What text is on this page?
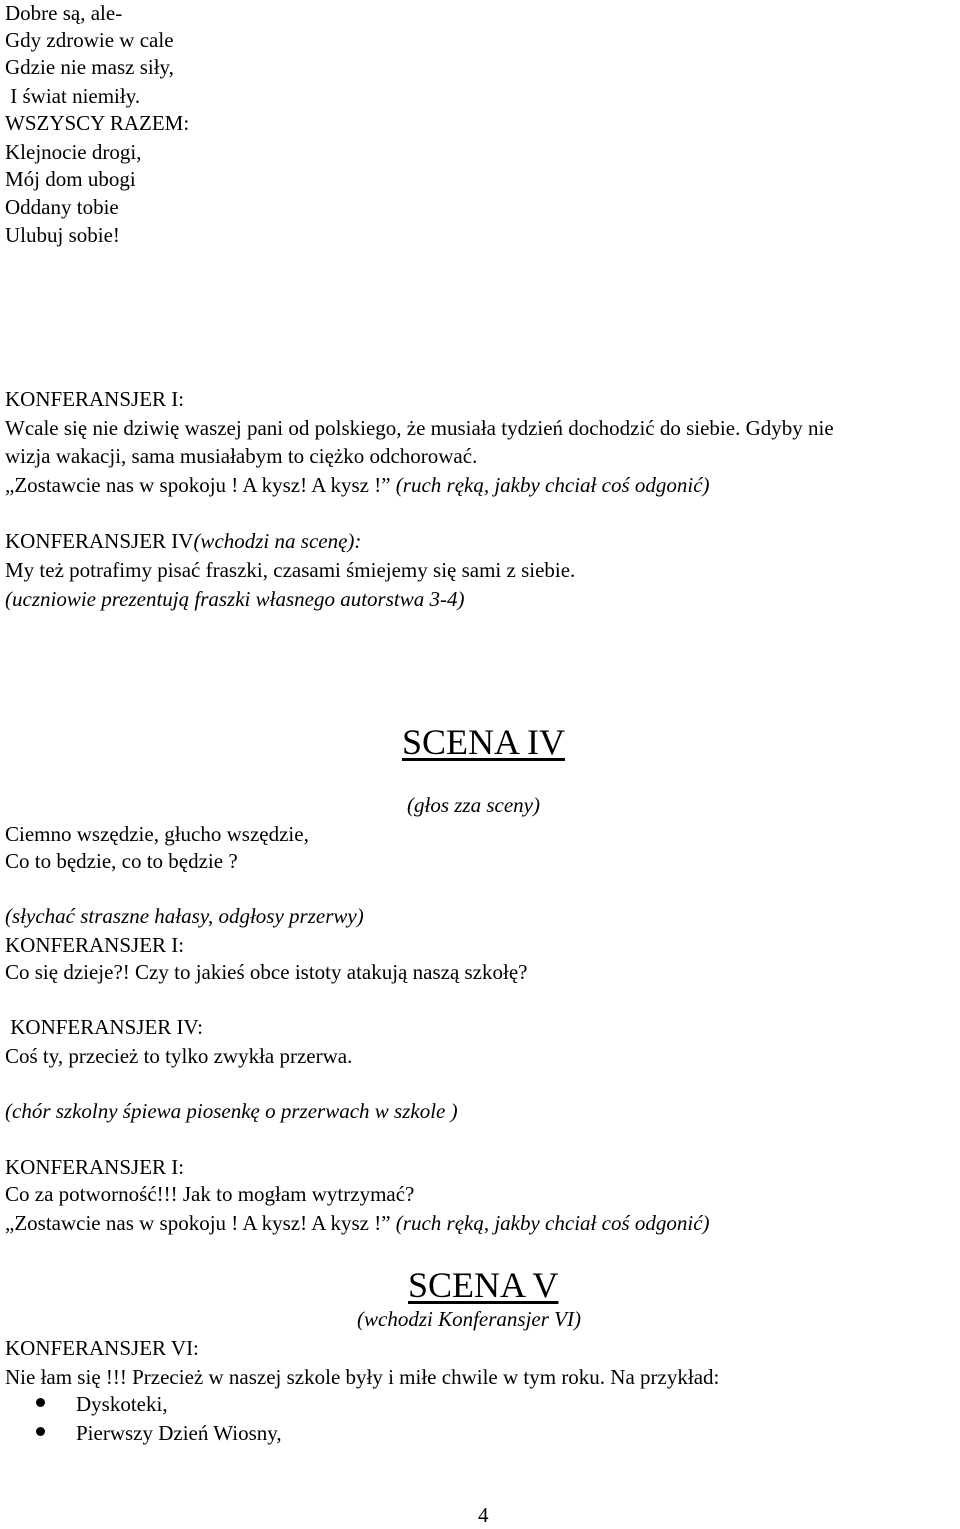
Dobre są, ale-
Gdy zdrowie w cale
Gdzie nie masz siły,
I świat niemiły.
WSZYSCY RAZEM:
Klejnocie drogi,
Mój dom ubogi
Oddany tobie
Ulubuj sobie!
KONFERANSJER I:
Wcale się nie dziwię waszej pani od polskiego, że musiała tydzień dochodzić do siebie. Gdyby nie
wizja wakacji, sama musiałabym to ciężko odchorować.
„Zostawcie nas w spokoju ! A kysz! A kysz !” (ruch ręką, jakby chciał coś odgonić)
KONFERANSJER IV(wchodzi na scenę):
My też potrafimy pisać fraszki, czasami śmiejemy się sami z siebie.
(uczniowie prezentują fraszki własnego autorstwa 3-4)
SCENA IV
(głos zza sceny)
Ciemno wszędzie, głucho wszędzie,
Co to będzie, co to będzie ?
(słychać straszne hałasy, odgłosy przerwy)
KONFERANSJER I:
Co się dzieje?! Czy to jakieś obce istoty atakują naszą szkołę?
KONFERANSJER IV:
Coś ty, przecież to tylko zwykła przerwa.
(chór szkolny śpiewa piosenkę o przerwach w szkole )
KONFERANSJER I:
Co za potworność!!! Jak to mogłam wytrzymać?
„Zostawcie nas w spokoju ! A kysz! A kysz !” (ruch ręką, jakby chciał coś odgonić)
SCENA V
(wchodzi Konferansjer VI)
KONFERANSJER VI:
Nie łam się !!! Przecież w naszej szkole były i miłe chwile w tym roku. Na przykład:
Dyskoteki,
Pierwszy Dzień Wiosny,
4
